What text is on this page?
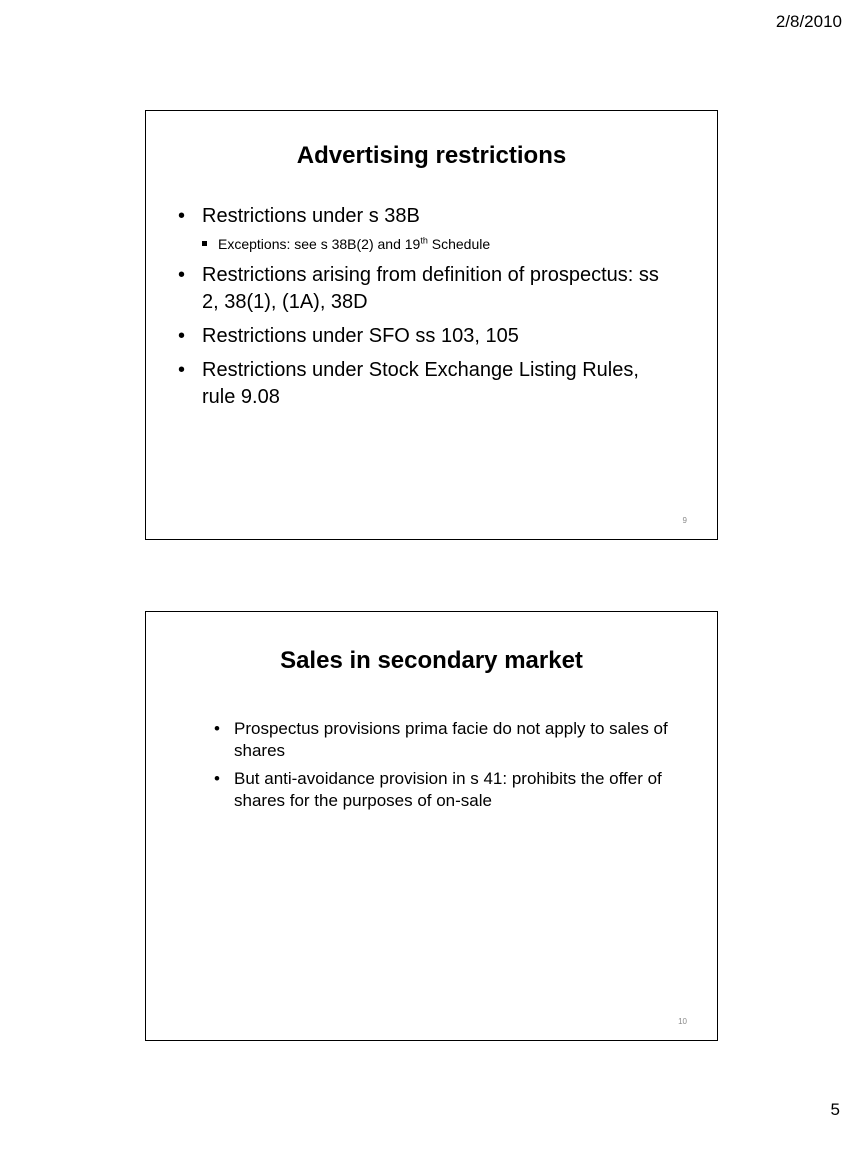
2/8/2010
Advertising restrictions
• Restrictions under s 38B
Exceptions: see s 38B(2) and 19th Schedule
• Restrictions arising from definition of prospectus: ss 2, 38(1), (1A), 38D
• Restrictions under SFO ss 103, 105
• Restrictions under Stock Exchange Listing Rules, rule 9.08
9
Sales in secondary market
• Prospectus provisions prima facie do not apply to sales of shares
• But anti-avoidance provision in s 41: prohibits the offer of shares for the purposes of on-sale
10
5
